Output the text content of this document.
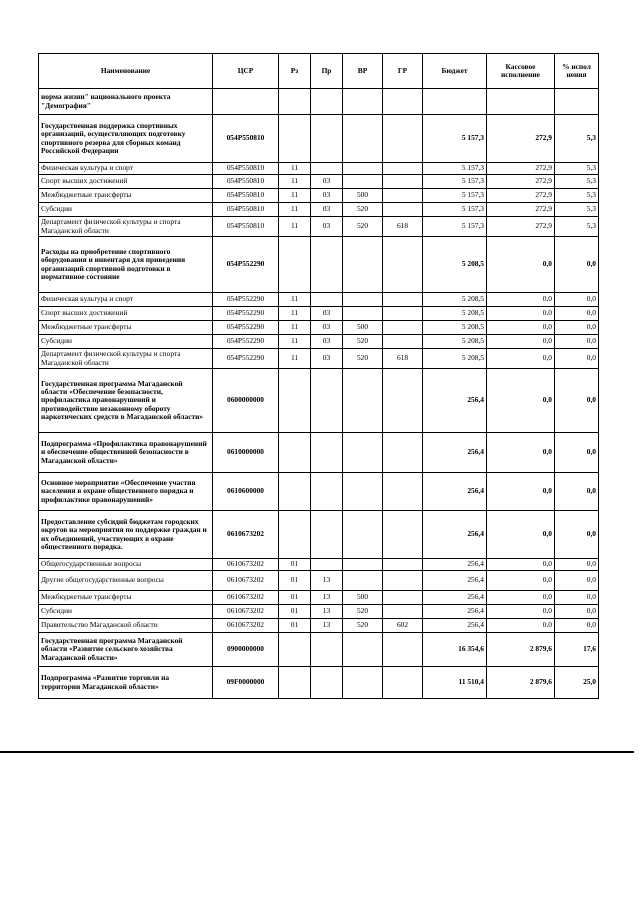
Наименование	ЦСР	Рз	Пр	ВР	ГР	Бюджет	Кассовое исполнение	% испол нения
норма жизни" национального проекта "Демография"								
Государственная поддержка спортивных организаций, осуществляющих подготовку спортивного резерва для сборных команд Российской Федерации	054P550810					5 157,3	272,9	5,3
Физическая культура и спорт	054P550810	11				5 157,3	272,9	5,3
Спорт высших достижений	054P550810	11	03			5 157,3	272,9	5,3
Межбюджетные трансферты	054P550810	11	03	500		5 157,3	272,9	5,3
Субсидии	054P550810	11	03	520		5 157,3	272,9	5,3
Департамент физической культуры и спорта Магаданской области	054P550810	11	03	520	618	5 157,3	272,9	5,3
Расходы на приобретение спортивного оборудования и инвентаря для приведения организаций спортивной подготовки в нормативное состояние	054P552290					5 208,5	0,0	0,0
Физическая культура и спорт	054P552290	11				5 208,5	0,0	0,0
Спорт высших достижений	054P552290	11	03			5 208,5	0,0	0,0
Межбюджетные трансферты	054P552290	11	03	500		5 208,5	0,0	0,0
Субсидии	054P552290	11	03	520		5 208,5	0,0	0,0
Департамент физической культуры и спорта Магаданской области	054P552290	11	03	520	618	5 208,5	0,0	0,0
Государственная программа Магаданской области «Обеспечение безопасности, профилактика правонарушений и противодействие незаконному обороту наркотических средств в Магаданской области»	0600000000					256,4	0,0	0,0
Подпрограмма «Профилактика правонарушений и обеспечение общественной безопасности в Магаданской области»	0610000000					256,4	0,0	0,0
Основное мероприятие «Обеспечение участия населения в охране общественного порядка и профилактике правонарушений»	0610600000					256,4	0,0	0,0
Предоставление субсидий бюджетам городских округов на мероприятия по поддержке граждан и их объединений, участвующих в охране общественного порядка.	0610673202					256,4	0,0	0,0
Общегосударственные вопросы	0610673202	01				256,4	0,0	0,0
Другие общегосударственные вопросы	0610673202	01	13			256,4	0,0	0,0
Межбюджетные трансферты	0610673202	01	13	500		256,4	0,0	0,0
Субсидии	0610673202	01	13	520		256,4	0,0	0,0
Правительство Магаданской области	0610673202	01	13	520	602	256,4	0,0	0,0
Государственная программа Магаданской области «Развитие сельского хозяйства Магаданской области»	0900000000					16 354,6	2 879,6	17,6
Подпрограмма «Развитие торговли на территории Магаданской области»	09F0000000					11 510,4	2 879,6	25,0
